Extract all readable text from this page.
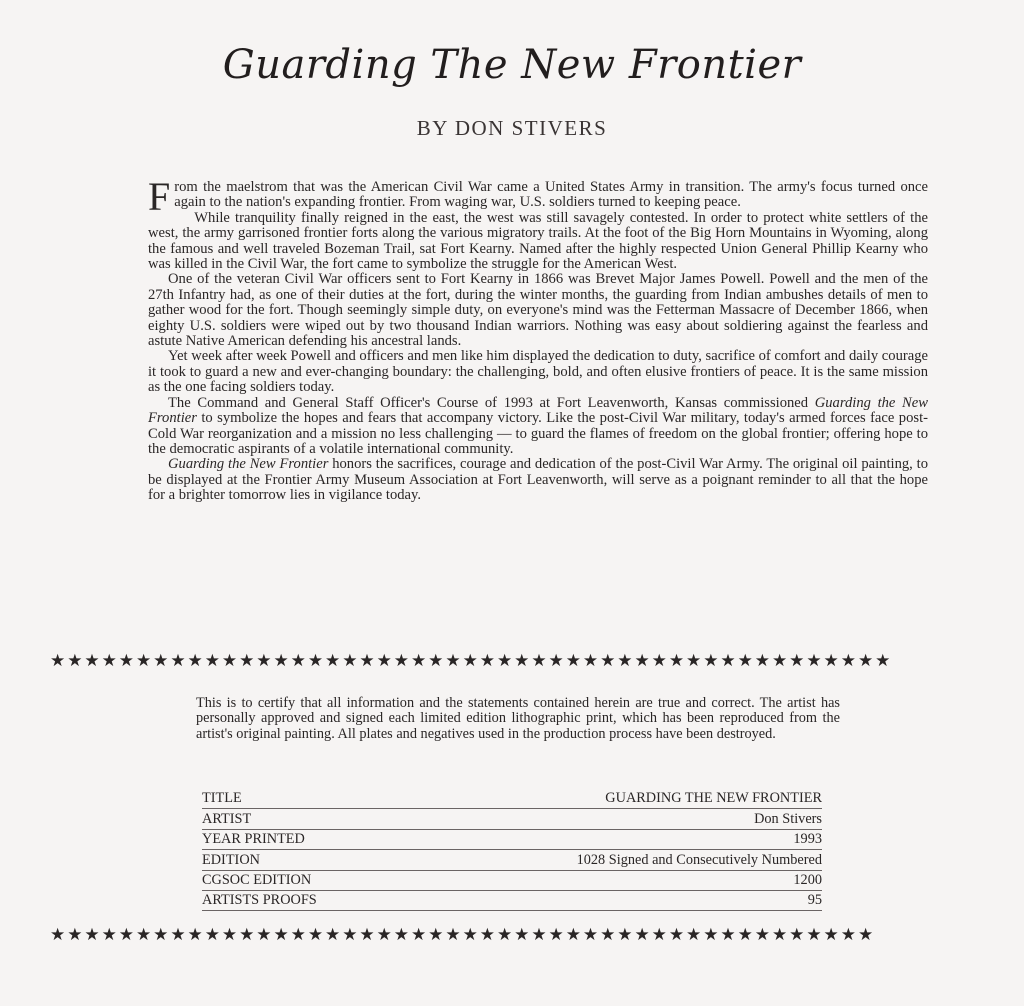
Guarding The New Frontier
BY DON STIVERS

From the maelstrom that was the American Civil War came a United States Army in transition. The army's focus turned once again to the nation's expanding frontier. From waging war, U.S. soldiers turned to keeping peace.

While tranquility finally reigned in the east, the west was still savagely contested. In order to protect white settlers of the west, the army garrisoned frontier forts along the various migratory trails. At the foot of the Big Horn Mountains in Wyoming, along the famous and well traveled Bozeman Trail, sat Fort Kearny. Named after the highly respected Union General Phillip Kearny who was killed in the Civil War, the fort came to symbolize the struggle for the American West.

One of the veteran Civil War officers sent to Fort Kearny in 1866 was Brevet Major James Powell. Powell and the men of the 27th Infantry had, as one of their duties at the fort, during the winter months, the guarding from Indian ambushes details of men to gather wood for the fort. Though seemingly simple duty, on everyone's mind was the Fetterman Massacre of December 1866, when eighty U.S. soldiers were wiped out by two thousand Indian warriors. Nothing was easy about soldiering against the fearless and astute Native American defending his ancestral lands.

Yet week after week Powell and officers and men like him displayed the dedication to duty, sacrifice of comfort and daily courage it took to guard a new and ever-changing boundary: the challenging, bold, and often elusive frontiers of peace. It is the same mission as the one facing soldiers today.

The Command and General Staff Officer's Course of 1993 at Fort Leavenworth, Kansas commissioned Guarding the New Frontier to symbolize the hopes and fears that accompany victory. Like the post-Civil War military, today's armed forces face post-Cold War reorganization and a mission no less challenging — to guard the flames of freedom on the global frontier; offering hope to the democratic aspirants of a volatile international community.

Guarding the New Frontier honors the sacrifices, courage and dedication of the post-Civil War Army. The original oil painting, to be displayed at the Frontier Army Museum Association at Fort Leavenworth, will serve as a poignant reminder to all that the hope for a brighter tomorrow lies in vigilance today.

★★★★★★★★★★★★★★★★★★★★★★★★★★★★★★★★★★★★★★★★★★★★★★★★★
This is to certify that all information and the statements contained herein are true and correct. The artist has personally approved and signed each limited edition lithographic print, which has been reproduced from the artist's original painting. All plates and negatives used in the production process have been destroyed.
TITLE	GUARDING THE NEW FRONTIER
ARTIST	Don Stivers
YEAR PRINTED	1993
EDITION	1028 Signed and Consecutively Numbered
CGSOC EDITION	1200
ARTISTS PROOFS	95
★★★★★★★★★★★★★★★★★★★★★★★★★★★★★★★★★★★★★★★★★★★★★★★★
